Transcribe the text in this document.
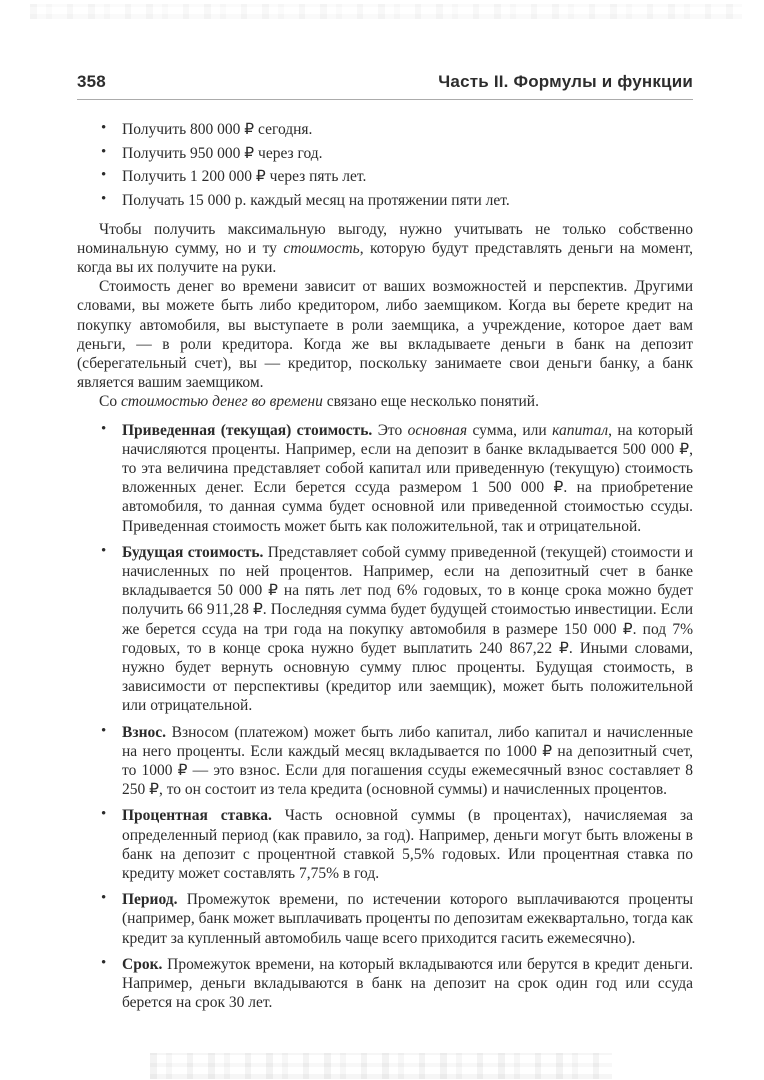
358	Часть II. Формулы и функции
• Получить 800 000 ₽ сегодня.
• Получить 950 000 ₽ через год.
• Получить 1 200 000 ₽ через пять лет.
• Получать 15 000 р. каждый месяц на протяжении пяти лет.

Чтобы получить максимальную выгоду, нужно учитывать не только собственно номинальную сумму, но и ту стоимость, которую будут представлять деньги на момент, когда вы их получите на руки.

Стоимость денег во времени зависит от ваших возможностей и перспектив. Другими словами, вы можете быть либо кредитором, либо заемщиком. Когда вы берете кредит на покупку автомобиля, вы выступаете в роли заемщика, а учреждение, которое дает вам деньги, — в роли кредитора. Когда же вы вкладываете деньги в банк на депозит (сберегательный счет), вы — кредитор, поскольку занимаете свои деньги банку, а банк является вашим заемщиком.

Со стоимостью денег во времени связано еще несколько понятий.

• Приведенная (текущая) стоимость. Это основная сумма, или капитал, на который начисляются проценты. Например, если на депозит в банке вкладывается 500 000 ₽, то эта величина представляет собой капитал или приведенную (текущую) стоимость вложенных денег. Если берется ссуда размером 1 500 000 ₽. на приобретение автомобиля, то данная сумма будет основной или приведенной стоимостью ссуды. Приведенная стоимость может быть как положительной, так и отрицательной.
• Будущая стоимость. Представляет собой сумму приведенной (текущей) стоимости и начисленных по ней процентов. Например, если на депозитный счет в банке вкладывается 50 000 ₽ на пять лет под 6% годовых, то в конце срока можно будет получить 66 911,28 ₽. Последняя сумма будет будущей стоимостью инвестиции. Если же берется ссуда на три года на покупку автомобиля в размере 150 000 ₽. под 7% годовых, то в конце срока нужно будет выплатить 240 867,22 ₽. Иными словами, нужно будет вернуть основную сумму плюс проценты. Будущая стоимость, в зависимости от перспективы (кредитор или заемщик), может быть положительной или отрицательной.
• Взнос. Взносом (платежом) может быть либо капитал, либо капитал и начисленные на него проценты. Если каждый месяц вкладывается по 1000 ₽ на депозитный счет, то 1000 ₽ — это взнос. Если для погашения ссуды ежемесячный взнос составляет 8 250 ₽, то он состоит из тела кредита (основной суммы) и начисленных процентов.
• Процентная ставка. Часть основной суммы (в процентах), начисляемая за определенный период (как правило, за год). Например, деньги могут быть вложены в банк на депозит с процентной ставкой 5,5% годовых. Или процентная ставка по кредиту может составлять 7,75% в год.
• Период. Промежуток времени, по истечении которого выплачиваются проценты (например, банк может выплачивать проценты по депозитам ежеквартально, тогда как кредит за купленный автомобиль чаще всего приходится гасить ежемесячно).
• Срок. Промежуток времени, на который вкладываются или берутся в кредит деньги. Например, деньги вкладываются в банк на депозит на срок один год или ссуда берется на срок 30 лет.
